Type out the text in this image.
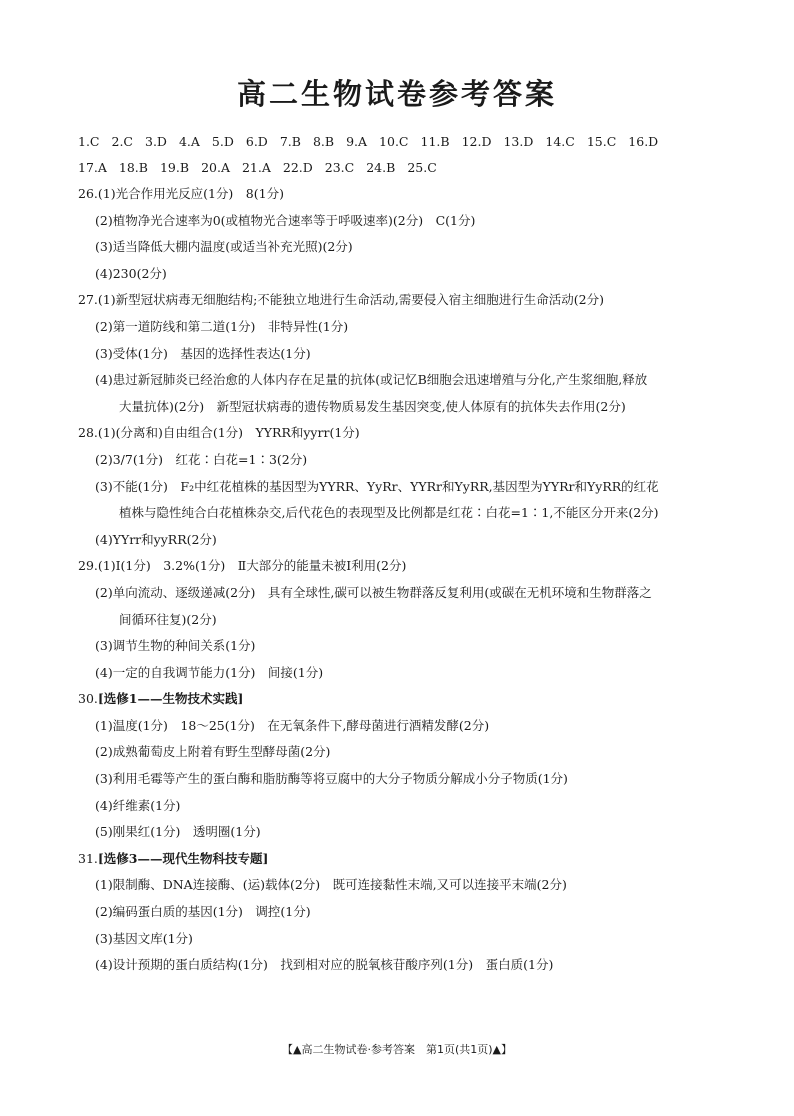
高二生物试卷参考答案
1.C 2.C 3.D 4.A 5.D 6.D 7.B 8.B 9.A 10.C 11.B 12.D 13.D 14.C 15.C 16.D
17.A 18.B 19.B 20.A 21.A 22.D 23.C 24.B 25.C
26.(1)光合作用光反应(1分)　8(1分)
(2)植物净光合速率为0(或植物光合速率等于呼吸速率)(2分)　C(1分)
(3)适当降低大棚内温度(或适当补充光照)(2分)
(4)230(2分)
27.(1)新型冠状病毒无细胞结构;不能独立地进行生命活动,需要侵入宿主细胞进行生命活动(2分)
(2)第一道防线和第二道(1分)　非特异性(1分)
(3)受体(1分)　基因的选择性表达(1分)
(4)患过新冠肺炎已经治愈的人体内存在足量的抗体(或记忆B细胞会迅速增殖与分化,产生浆细胞,释放
大量抗体)(2分)　新型冠状病毒的遗传物质易发生基因突变,使人体原有的抗体失去作用(2分)
28.(1)(分离和)自由组合(1分)　YYRR和yyrr(1分)
(2)3/7(1分)　红花∶白花=1∶3(2分)
(3)不能(1分)　F₂中红花植株的基因型为YYRR、YyRr、YYRr和YyRR,基因型为YYRr和YyRR的红花
植株与隐性纯合白花植株杂交,后代花色的表现型及比例都是红花∶白花=1∶1,不能区分开来(2分)
(4)YYrr和yyRR(2分)
29.(1)Ⅰ(1分)　3.2%(1分)　Ⅱ大部分的能量未被Ⅰ利用(2分)
(2)单向流动、逐级递减(2分)　具有全球性,碳可以被生物群落反复利用(或碳在无机环境和生物群落之
间循环往复)(2分)
(3)调节生物的种间关系(1分)
(4)一定的自我调节能力(1分)　间接(1分)
30.[选修1——生物技术实践]
(1)温度(1分)　18～25(1分)　在无氧条件下,酵母菌进行酒精发酵(2分)
(2)成熟葡萄皮上附着有野生型酵母菌(2分)
(3)利用毛霉等产生的蛋白酶和脂肪酶等将豆腐中的大分子物质分解成小分子物质(1分)
(4)纤维素(1分)
(5)刚果红(1分)　透明圈(1分)
31.[选修3——现代生物科技专题]
(1)限制酶、DNA连接酶、(运)载体(2分)　既可连接黏性末端,又可以连接平末端(2分)
(2)编码蛋白质的基因(1分)　调控(1分)
(3)基因文库(1分)
(4)设计预期的蛋白质结构(1分)　找到相对应的脱氧核苷酸序列(1分)　蛋白质(1分)
【▲高二生物试卷·参考答案　第1页(共1页)▲】
